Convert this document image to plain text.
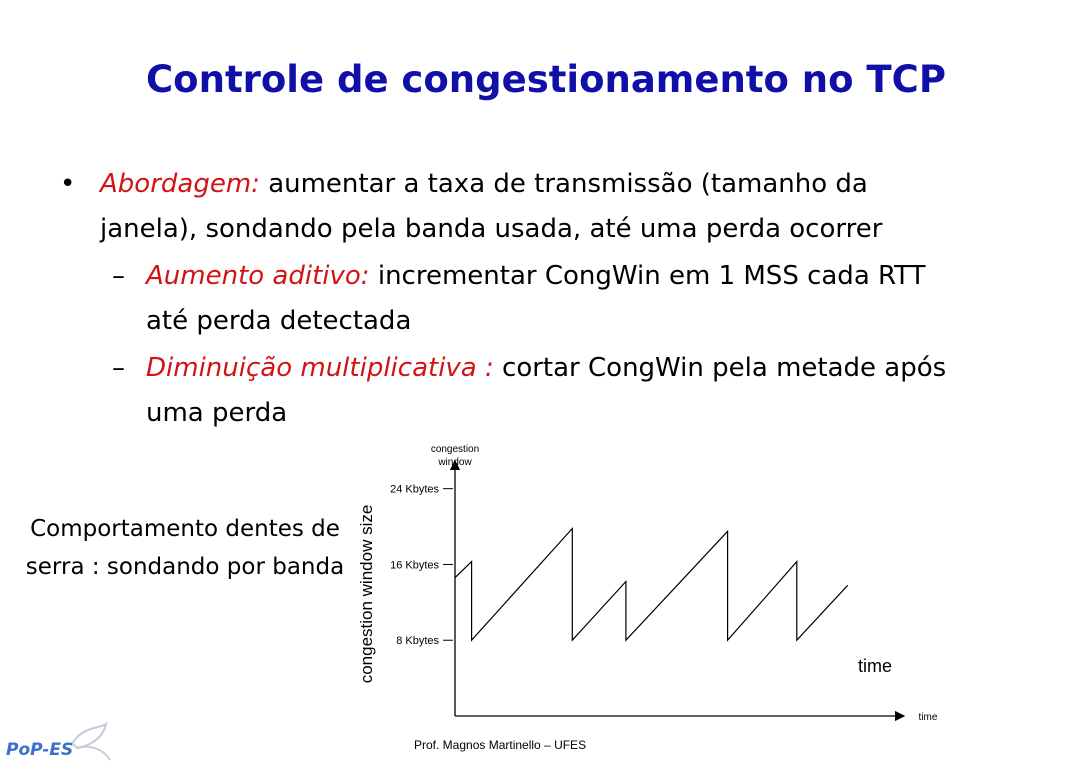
Controle de congestionamento no TCP
• Abordagem: aumentar a taxa de transmissão (tamanho da janela), sondando pela banda usada, até uma perda ocorrer
– Aumento aditivo: incrementar CongWin em 1 MSS cada RTT até perda detectada
– Diminuição multiplicativa : cortar CongWin pela metade após uma perda
Comportamento dentes de serra : sondando por banda
congestion
window
time
congestion window size	time
8 Kbytes
16 Kbytes
24 Kbytes
PoP-ES	Prof. Magnos Martinello – UFES
